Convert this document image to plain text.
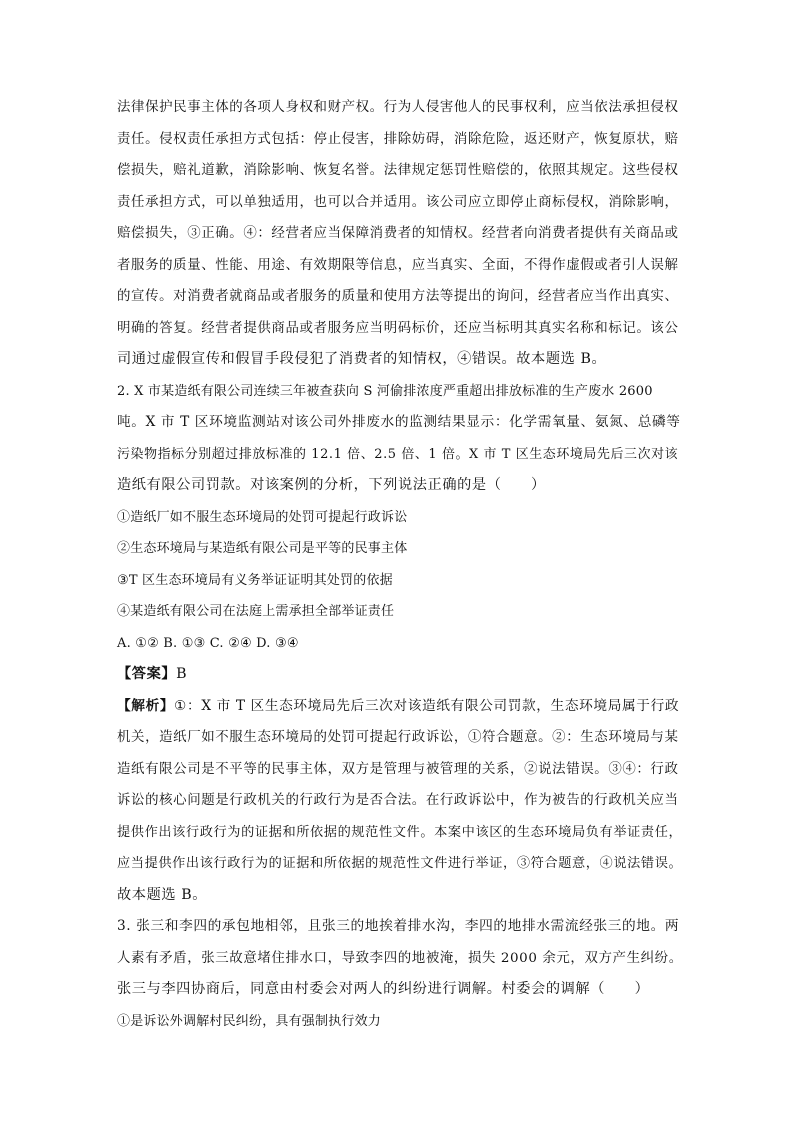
法律保护民事主体的各项人身权和财产权。行为人侵害他人的民事权利，应当依法承担侵权
责任。侵权责任承担方式包括：停止侵害，排除妨碍，消除危险，返还财产，恢复原状，赔
偿损失，赔礼道歉，消除影响、恢复名誉。法律规定惩罚性赔偿的，依照其规定。这些侵权
责任承担方式，可以单独适用，也可以合并适用。该公司应立即停止商标侵权，消除影响，
赔偿损失，③正确。④：经营者应当保障消费者的知情权。经营者向消费者提供有关商品或
者服务的质量、性能、用途、有效期限等信息，应当真实、全面，不得作虚假或者引人误解
的宣传。对消费者就商品或者服务的质量和使用方法等提出的询问，经营者应当作出真实、
明确的答复。经营者提供商品或者服务应当明码标价，还应当标明其真实名称和标记。该公
司通过虚假宣传和假冒手段侵犯了消费者的知情权，④错误。故本题选 B。
2. X 市某造纸有限公司连续三年被查获向 S 河偷排浓度严重超出排放标准的生产废水 2600
吨。X 市 T 区环境监测站对该公司外排废水的监测结果显示：化学需氧量、氨氮、总磷等
污染物指标分别超过排放标准的 12.1 倍、2.5 倍、1 倍。X 市 T 区生态环境局先后三次对该
造纸有限公司罚款。对该案例的分析，下列说法正确的是（　　）
①造纸厂如不服生态环境局的处罚可提起行政诉讼
②生态环境局与某造纸有限公司是平等的民事主体
③T 区生态环境局有义务举证证明其处罚的依据
④某造纸有限公司在法庭上需承担全部举证责任
A. ①② B. ①③ C. ②④ D. ③④
【答案】B
【解析】①：X 市 T 区生态环境局先后三次对该造纸有限公司罚款，生态环境局属于行政
机关，造纸厂如不服生态环境局的处罚可提起行政诉讼，①符合题意。②：生态环境局与某
造纸有限公司是不平等的民事主体，双方是管理与被管理的关系，②说法错误。③④：行政
诉讼的核心问题是行政机关的行政行为是否合法。在行政诉讼中，作为被告的行政机关应当
提供作出该行政行为的证据和所依据的规范性文件。本案中该区的生态环境局负有举证责任，
应当提供作出该行政行为的证据和所依据的规范性文件进行举证，③符合题意，④说法错误。
故本题选 B。
3. 张三和李四的承包地相邻，且张三的地挨着排水沟，李四的地排水需流经张三的地。两
人素有矛盾，张三故意堵住排水口，导致李四的地被淹，损失 2000 余元，双方产生纠纷。
张三与李四协商后，同意由村委会对两人的纠纷进行调解。村委会的调解（　　）
①是诉讼外调解村民纠纷，具有强制执行效力
